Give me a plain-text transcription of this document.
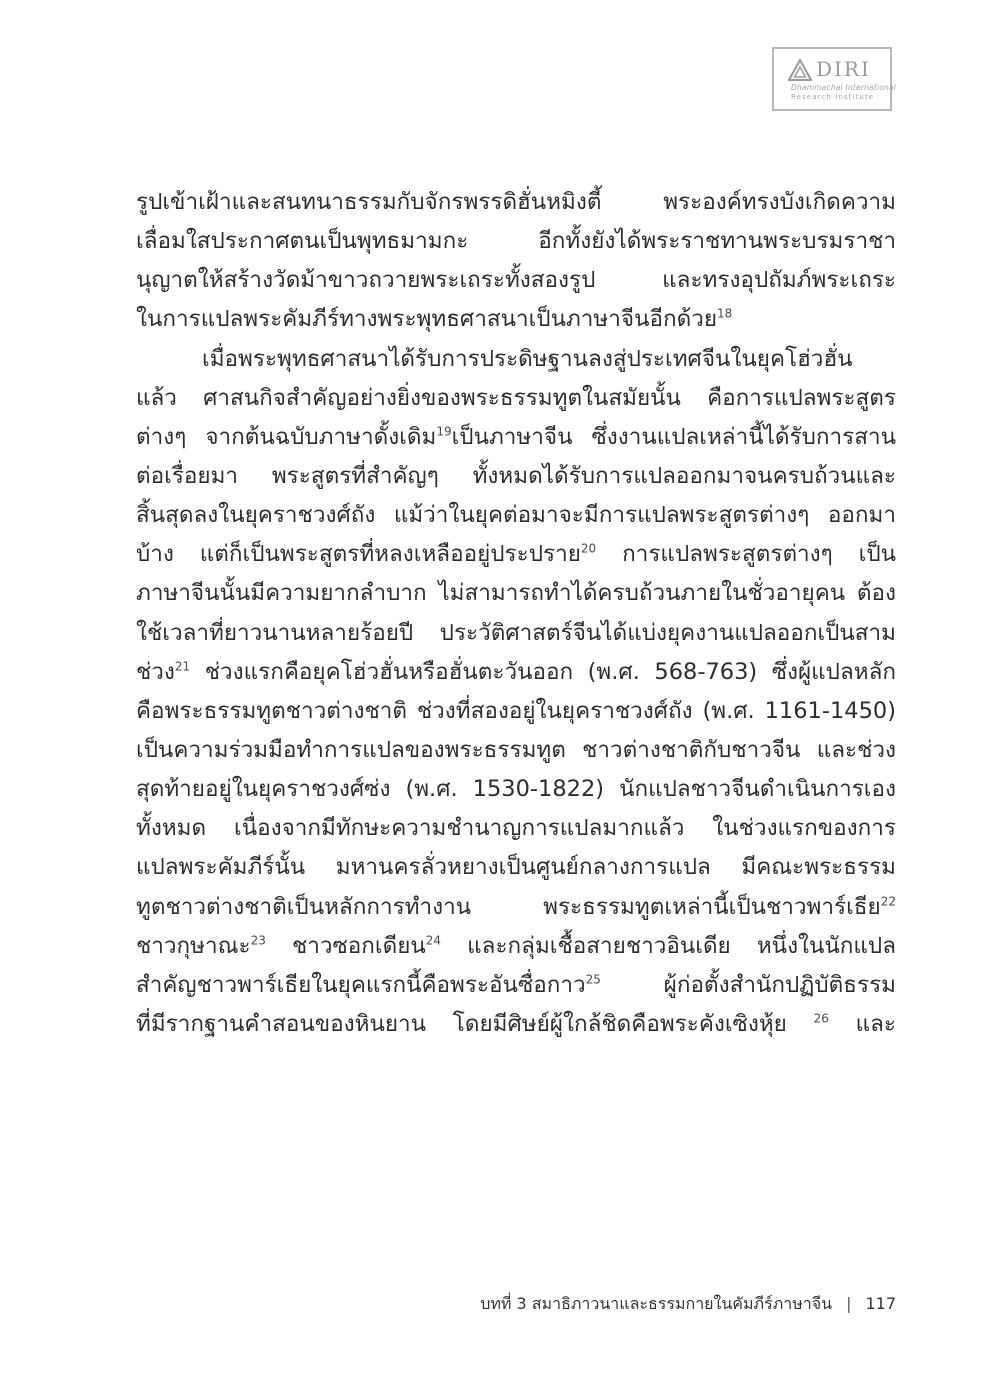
DIRI
Dhammachai International
Research Institute
รูปเข้าเฝ้าและสนทนาธรรมกับจักรพรรดิฮั่นหมิงตี้ พระองค์ทรงบังเกิดความ
เลื่อมใสประกาศตนเป็นพุทธมามกะ อีกทั้งยังได้พระราชทานพระบรมราชา
นุญาตให้สร้างวัดม้าขาวถวายพระเถระทั้งสองรูป และทรงอุปถัมภ์พระเถระ
ในการแปลพระคัมภีร์ทางพระพุทธศาสนาเป็นภาษาจีนอีกด้วย$^{18}$
เมื่อพระพุทธศาสนาได้รับการประดิษฐานลงสู่ประเทศจีนในยุคโฮ่วฮั่น
แล้ว ศาสนกิจสำคัญอย่างยิ่งของพระธรรมทูตในสมัยนั้น คือการแปลพระสูตร
ต่างๆ จากต้นฉบับภาษาดั้งเดิม$^{19}$เป็นภาษาจีน ซึ่งงานแปลเหล่านี้ได้รับการสาน
ต่อเรื่อยมา พระสูตรที่สำคัญๆ ทั้งหมดได้รับการแปลออกมาจนครบถ้วนและ
สิ้นสุดลงในยุคราชวงศ์ถัง แม้ว่าในยุคต่อมาจะมีการแปลพระสูตรต่างๆ ออกมา
บ้าง แต่ก็เป็นพระสูตรที่หลงเหลืออยู่ประปราย$^{20}$ การแปลพระสูตรต่างๆ เป็น
ภาษาจีนนั้นมีความยากลำบาก ไม่สามารถทำได้ครบถ้วนภายในชั่วอายุคน ต้อง
ใช้เวลาที่ยาวนานหลายร้อยปี ประวัติศาสตร์จีนได้แบ่งยุคงานแปลออกเป็นสาม
ช่วง$^{21}$ ช่วงแรกคือยุคโฮ่วฮั่นหรือฮั่นตะวันออก (พ.ศ. 568-763) ซึ่งผู้แปลหลัก
คือพระธรรมทูตชาวต่างชาติ ช่วงที่สองอยู่ในยุคราชวงศ์ถัง (พ.ศ. 1161-1450)
เป็นความร่วมมือทำการแปลของพระธรรมทูต ชาวต่างชาติกับชาวจีน และช่วง
สุดท้ายอยู่ในยุคราชวงศ์ซ่ง (พ.ศ. 1530-1822) นักแปลชาวจีนดำเนินการเอง
ทั้งหมด เนื่องจากมีทักษะความชำนาญการแปลมากแล้ว ในช่วงแรกของการ
แปลพระคัมภีร์นั้น มหานครลั่วหยางเป็นศูนย์กลางการแปล มีคณะพระธรรม
ทูตชาวต่างชาติเป็นหลักการทำงาน พระธรรมทูตเหล่านี้เป็นชาวพาร์เธีย$^{22}$
ชาวกุษาณะ$^{23}$ ชาวซอกเดียน$^{24}$ และกลุ่มเชื้อสายชาวอินเดีย หนึ่งในนักแปล
สำคัญชาวพาร์เธียในยุคแรกนี้คือพระอันซื่อกาว$^{25}$ ผู้ก่อตั้งสำนักปฏิบัติธรรม
ที่มีรากฐานคำสอนของหินยาน โดยมีศิษย์ผู้ใกล้ชิดคือพระคังเซิงหุ้ย $^{26}$ และ
บทที่ 3 สมาธิภาวนาและธรรมกายในคัมภีร์ภาษาจีน | 117
